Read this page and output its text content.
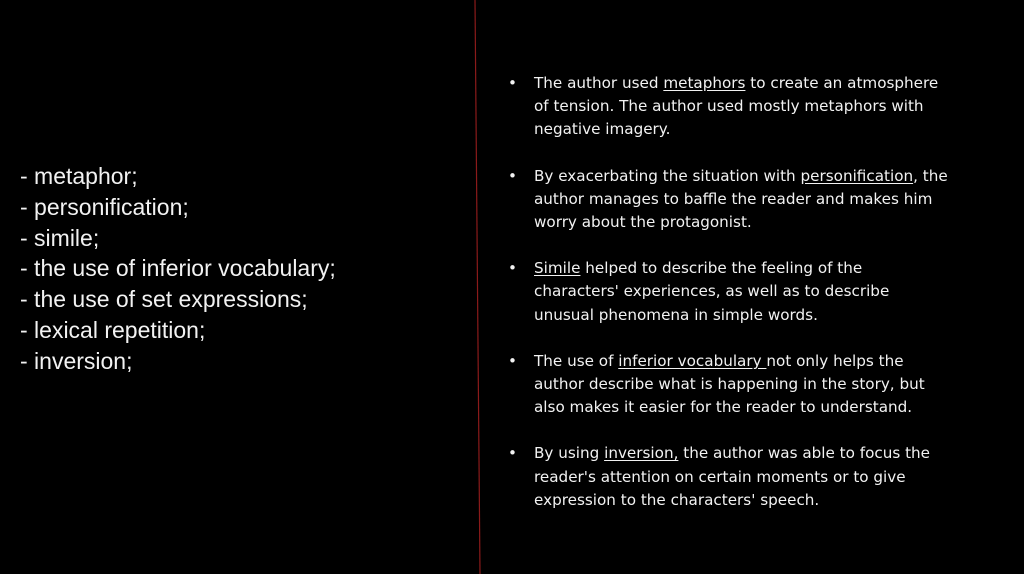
- metaphor;
- personification;
- simile;
- the use of inferior vocabulary;
- the use of set expressions;
- lexical repetition;
- inversion;
• The author used metaphors to create an atmosphere of tension. The author used mostly metaphors with negative imagery.
• By exacerbating the situation with personification, the author manages to baffle the reader and makes him worry about the protagonist.
• Simile helped to describe the feeling of the characters' experiences, as well as to describe unusual phenomena in simple words.
• The use of inferior vocabulary not only helps the author describe what is happening in the story, but also makes it easier for the reader to understand.
• By using inversion, the author was able to focus the reader's attention on certain moments or to give expression to the characters' speech.
